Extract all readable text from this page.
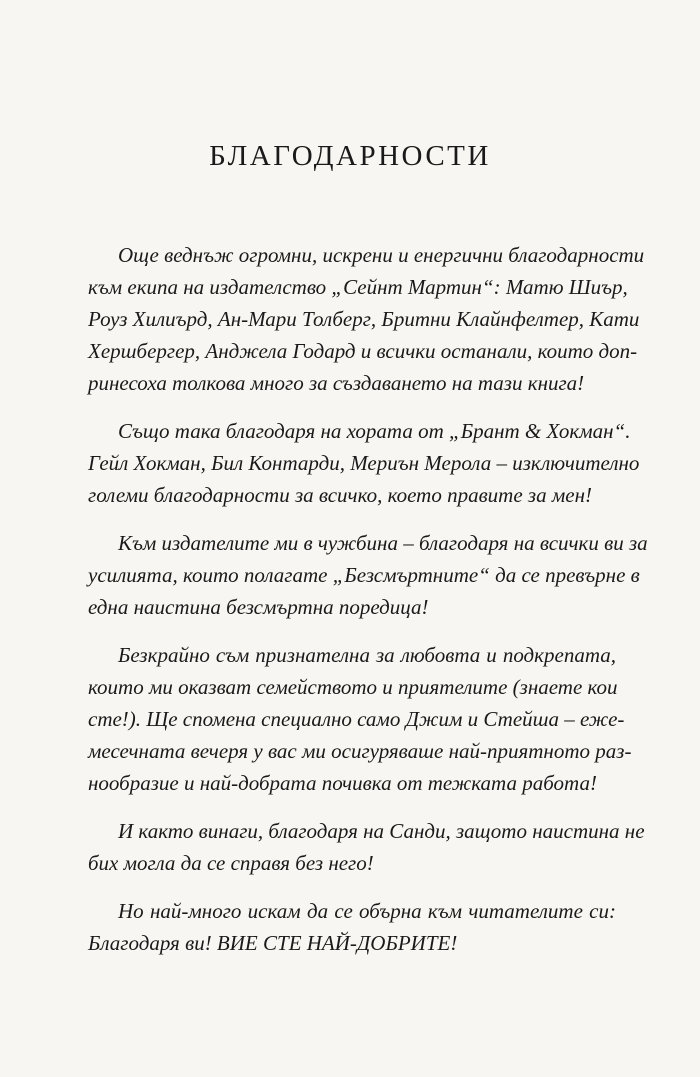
БЛАГОДАРНОСТИ

Още веднъж огромни, искрени и енергични благодарности
към екипа на издателство „Сейнт Мартин“: Матю Шиър,
Роуз Хилиърд, Ан-Мари Толберг, Бритни Клайнфелтер, Кати
Хершбергер, Анджела Годард и всички останали, които доп-
ринесоха толкова много за създаването на тази книга!

Също така благодаря на хората от „Брант & Хокман“.
Гейл Хокман, Бил Контарди, Мериън Мерола – изключително
големи благодарности за всичко, което правите за мен!

Към издателите ми в чужбина – благодаря на всички ви за
усилията, които полагате „Безсмъртните“ да се превърне в
една наистина безсмъртна поредица!

Безкрайно съм признателна за любовта и подкрепата,
които ми оказват семейството и приятелите (знаете кои
сте!). Ще спомена специално само Джим и Стейша – еже-
месечната вечеря у вас ми осигуряваше най-приятното раз-
нообразие и най-добрата почивка от тежката работа!

И както винаги, благодаря на Санди, защото наистина не
бих могла да се справя без него!

Но най-много искам да се обърна към читателите си:
Благодаря ви! ВИЕ СТЕ НАЙ-ДОБРИТЕ!
